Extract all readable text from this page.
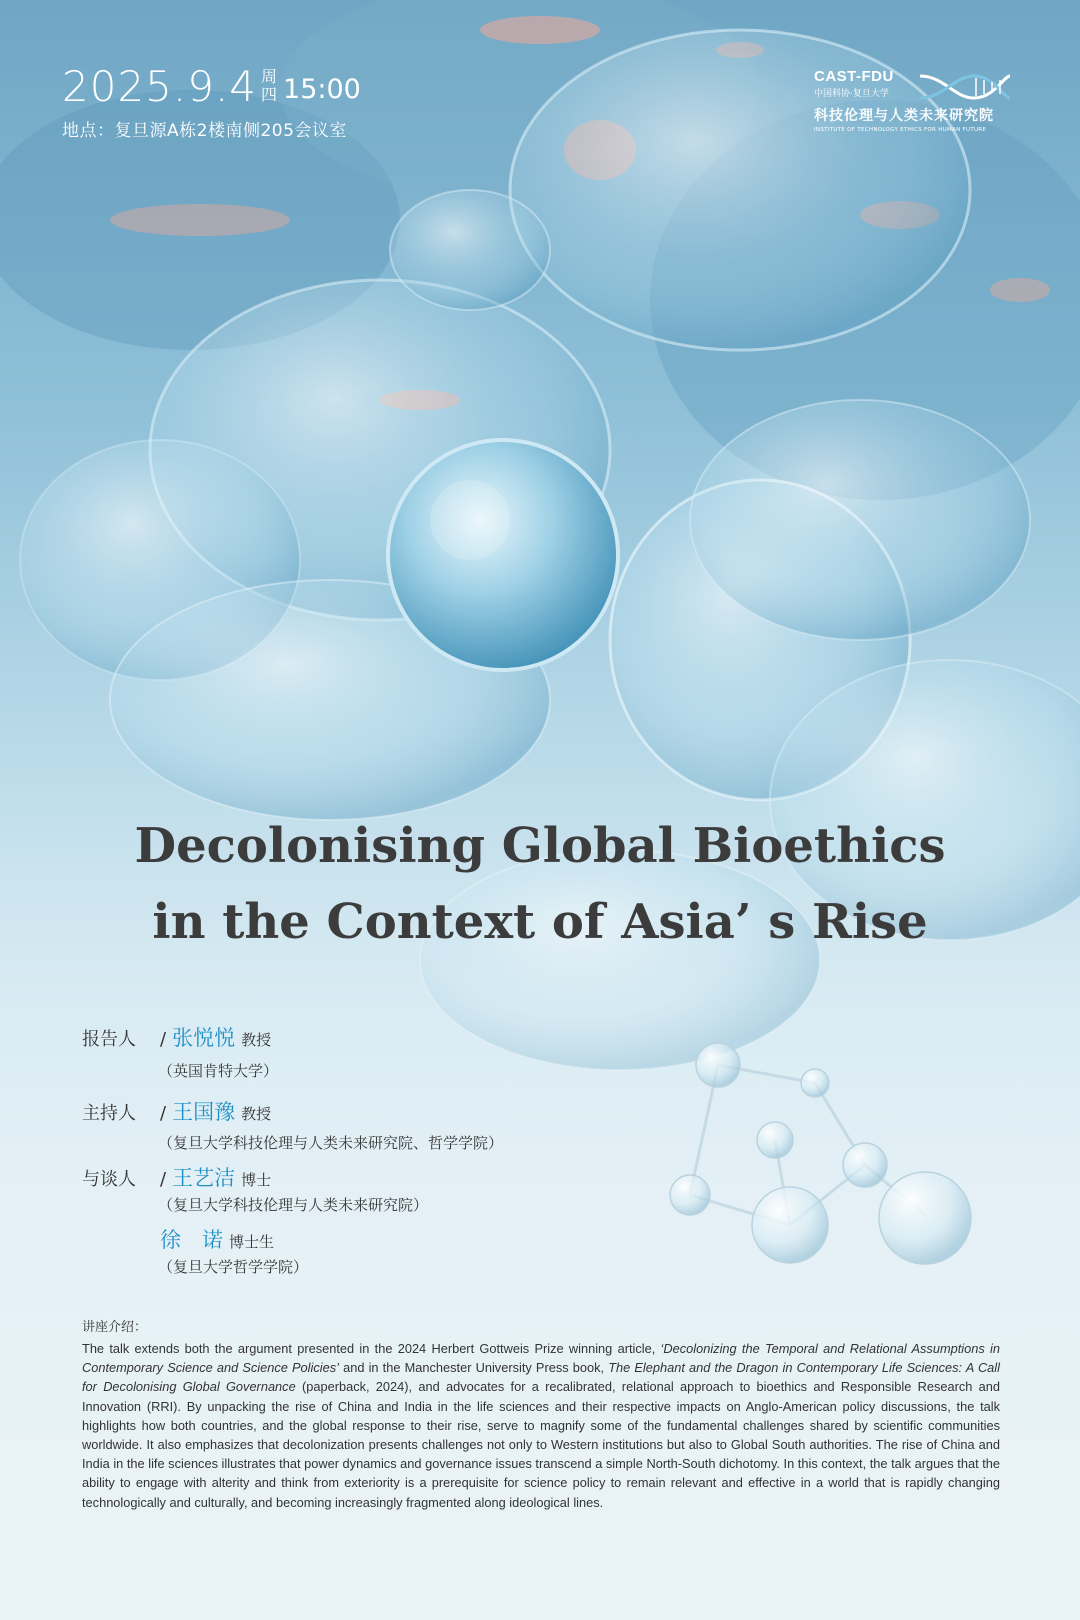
2025.9.4 周四 15:00
地点：复旦源A栋2楼南侧205会议室
CAST-FDU
中国科协·复旦大学
科技伦理与人类未来研究院
INSTITUTE OF TECHNOLOGY ETHICS FOR HUMAN FUTURE
Decolonising Global Bioethics
in the Context of Asia’ s Rise
报告人 / 张悦悦 教授
（英国肯特大学）
主持人 / 王国豫 教授
（复旦大学科技伦理与人类未来研究院、哲学学院）
与谈人 / 王艺洁 博士
（复旦大学科技伦理与人类未来研究院）
徐　诺 博士生
（复旦大学哲学学院）
讲座介绍：

The talk extends both the argument presented in the 2024 Herbert Gottweis Prize winning article, ‘Decolonizing the Temporal and Relational Assumptions in Contemporary Science and Science Policies’ and in the Manchester University Press book, The Elephant and the Dragon in Contemporary Life Sciences: A Call for Decolonising Global Governance (paperback, 2024), and advocates for a recalibrated, relational approach to bioethics and Responsible Research and Innovation (RRI). By unpacking the rise of China and India in the life sciences and their respective impacts on Anglo-American policy discussions, the talk highlights how both countries, and the global response to their rise, serve to magnify some of the fundamental challenges shared by scientific communities worldwide. It also emphasizes that decolonization presents challenges not only to Western institutions but also to Global South authorities. The rise of China and India in the life sciences illustrates that power dynamics and governance issues transcend a simple North-South dichotomy. In this context, the talk argues that the ability to engage with alterity and think from exteriority is a prerequisite for science policy to remain relevant and effective in a world that is rapidly changing technologically and culturally, and becoming increasingly fragmented along ideological lines.
